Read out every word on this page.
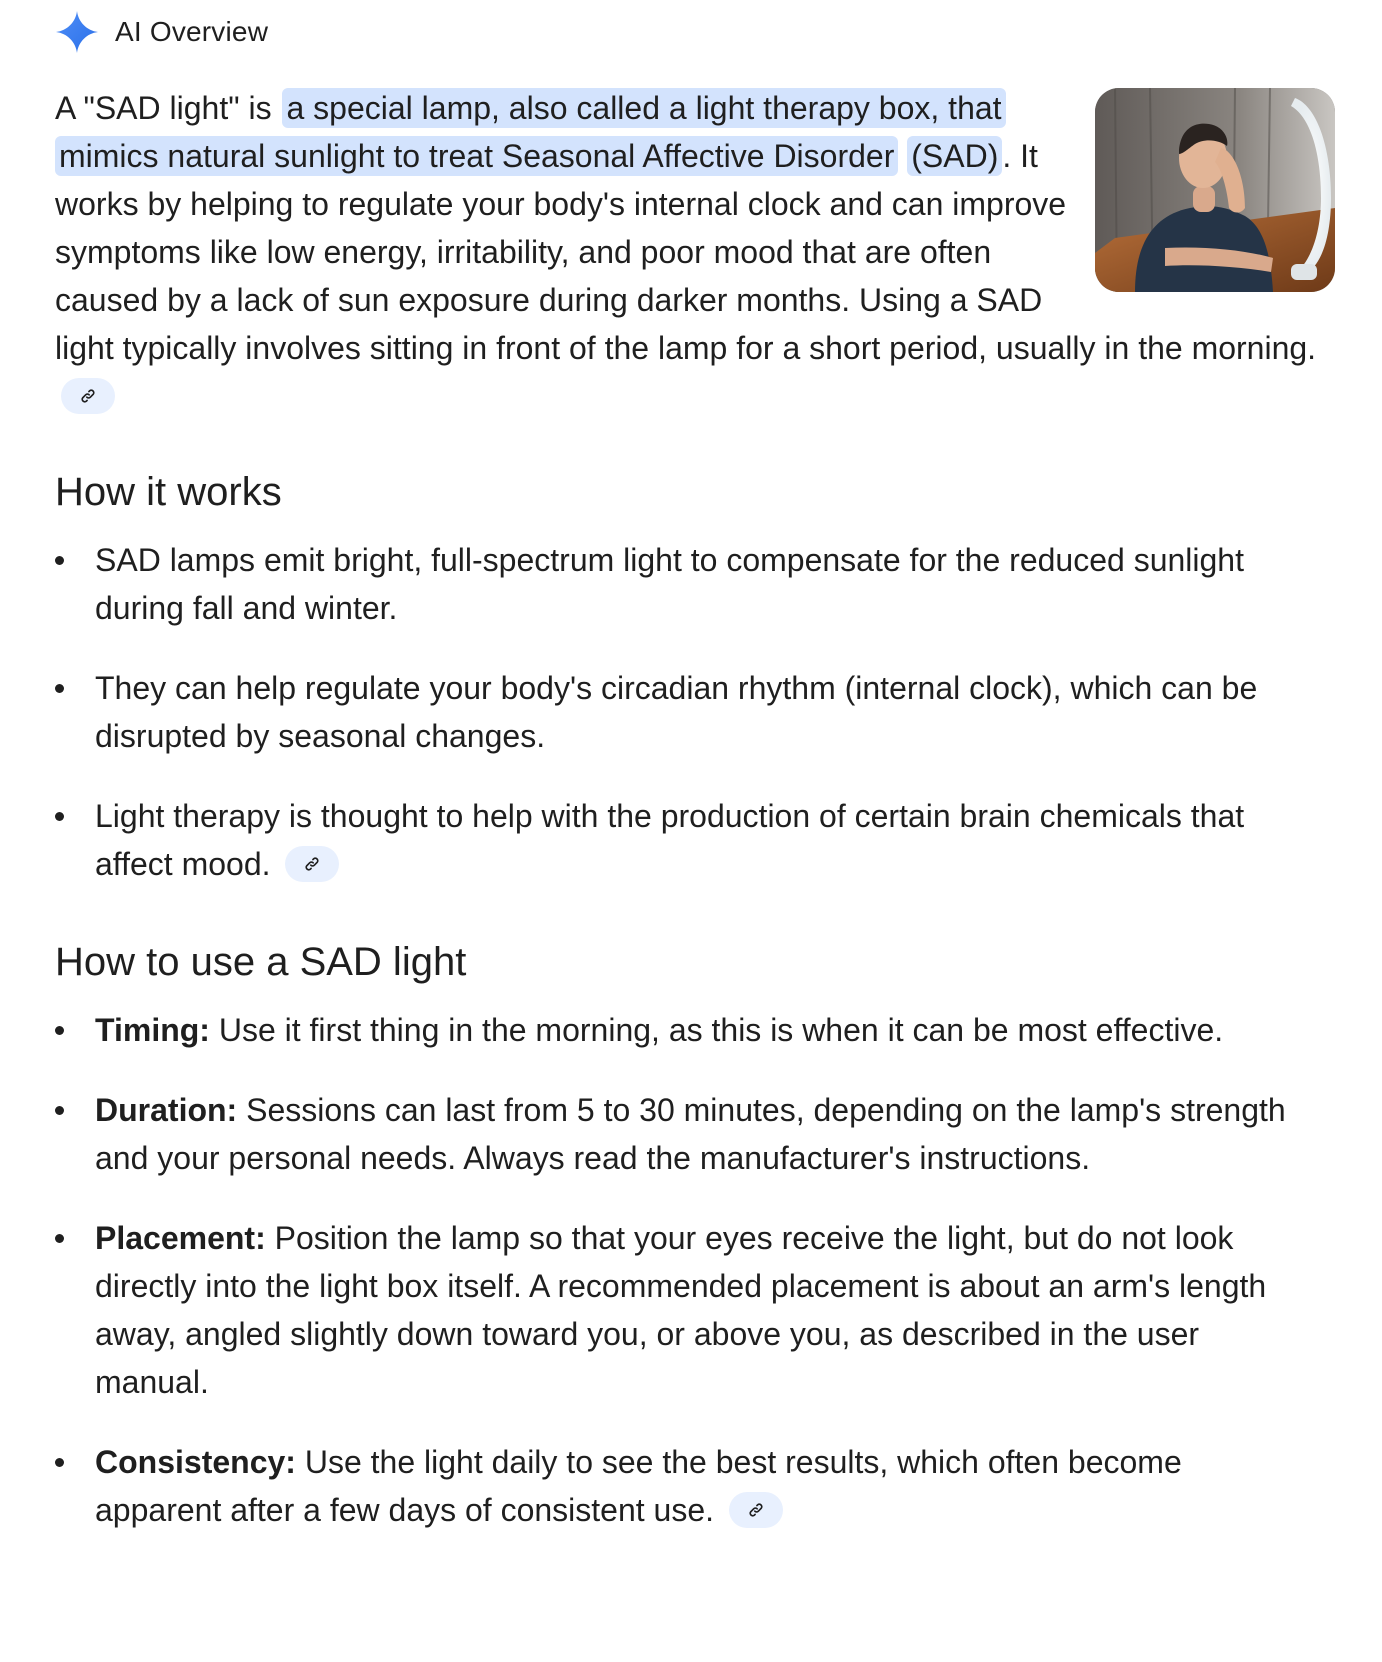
AI Overview
A "SAD light" is a special lamp, also called a light therapy box, that mimics natural sunlight to treat Seasonal Affective Disorder (SAD) . It works by helping to regulate your body's internal clock and can improve symptoms like low energy, irritability, and poor mood that are often caused by a lack of sun exposure during darker months. Using a SAD light typically involves sitting in front of the lamp for a short period, usually in the morning.
How it works
SAD lamps emit bright, full-spectrum light to compensate for the reduced sunlight during fall and winter.
They can help regulate your body's circadian rhythm (internal clock), which can be disrupted by seasonal changes.
Light therapy is thought to help with the production of certain brain chemicals that affect mood.
How to use a SAD light
Timing: Use it first thing in the morning, as this is when it can be most effective.
Duration: Sessions can last from 5 to 30 minutes, depending on the lamp's strength and your personal needs. Always read the manufacturer's instructions.
Placement: Position the lamp so that your eyes receive the light, but do not look directly into the light box itself. A recommended placement is about an arm's length away, angled slightly down toward you, or above you, as described in the user manual.
Consistency: Use the light daily to see the best results, which often become apparent after a few days of consistent use.
